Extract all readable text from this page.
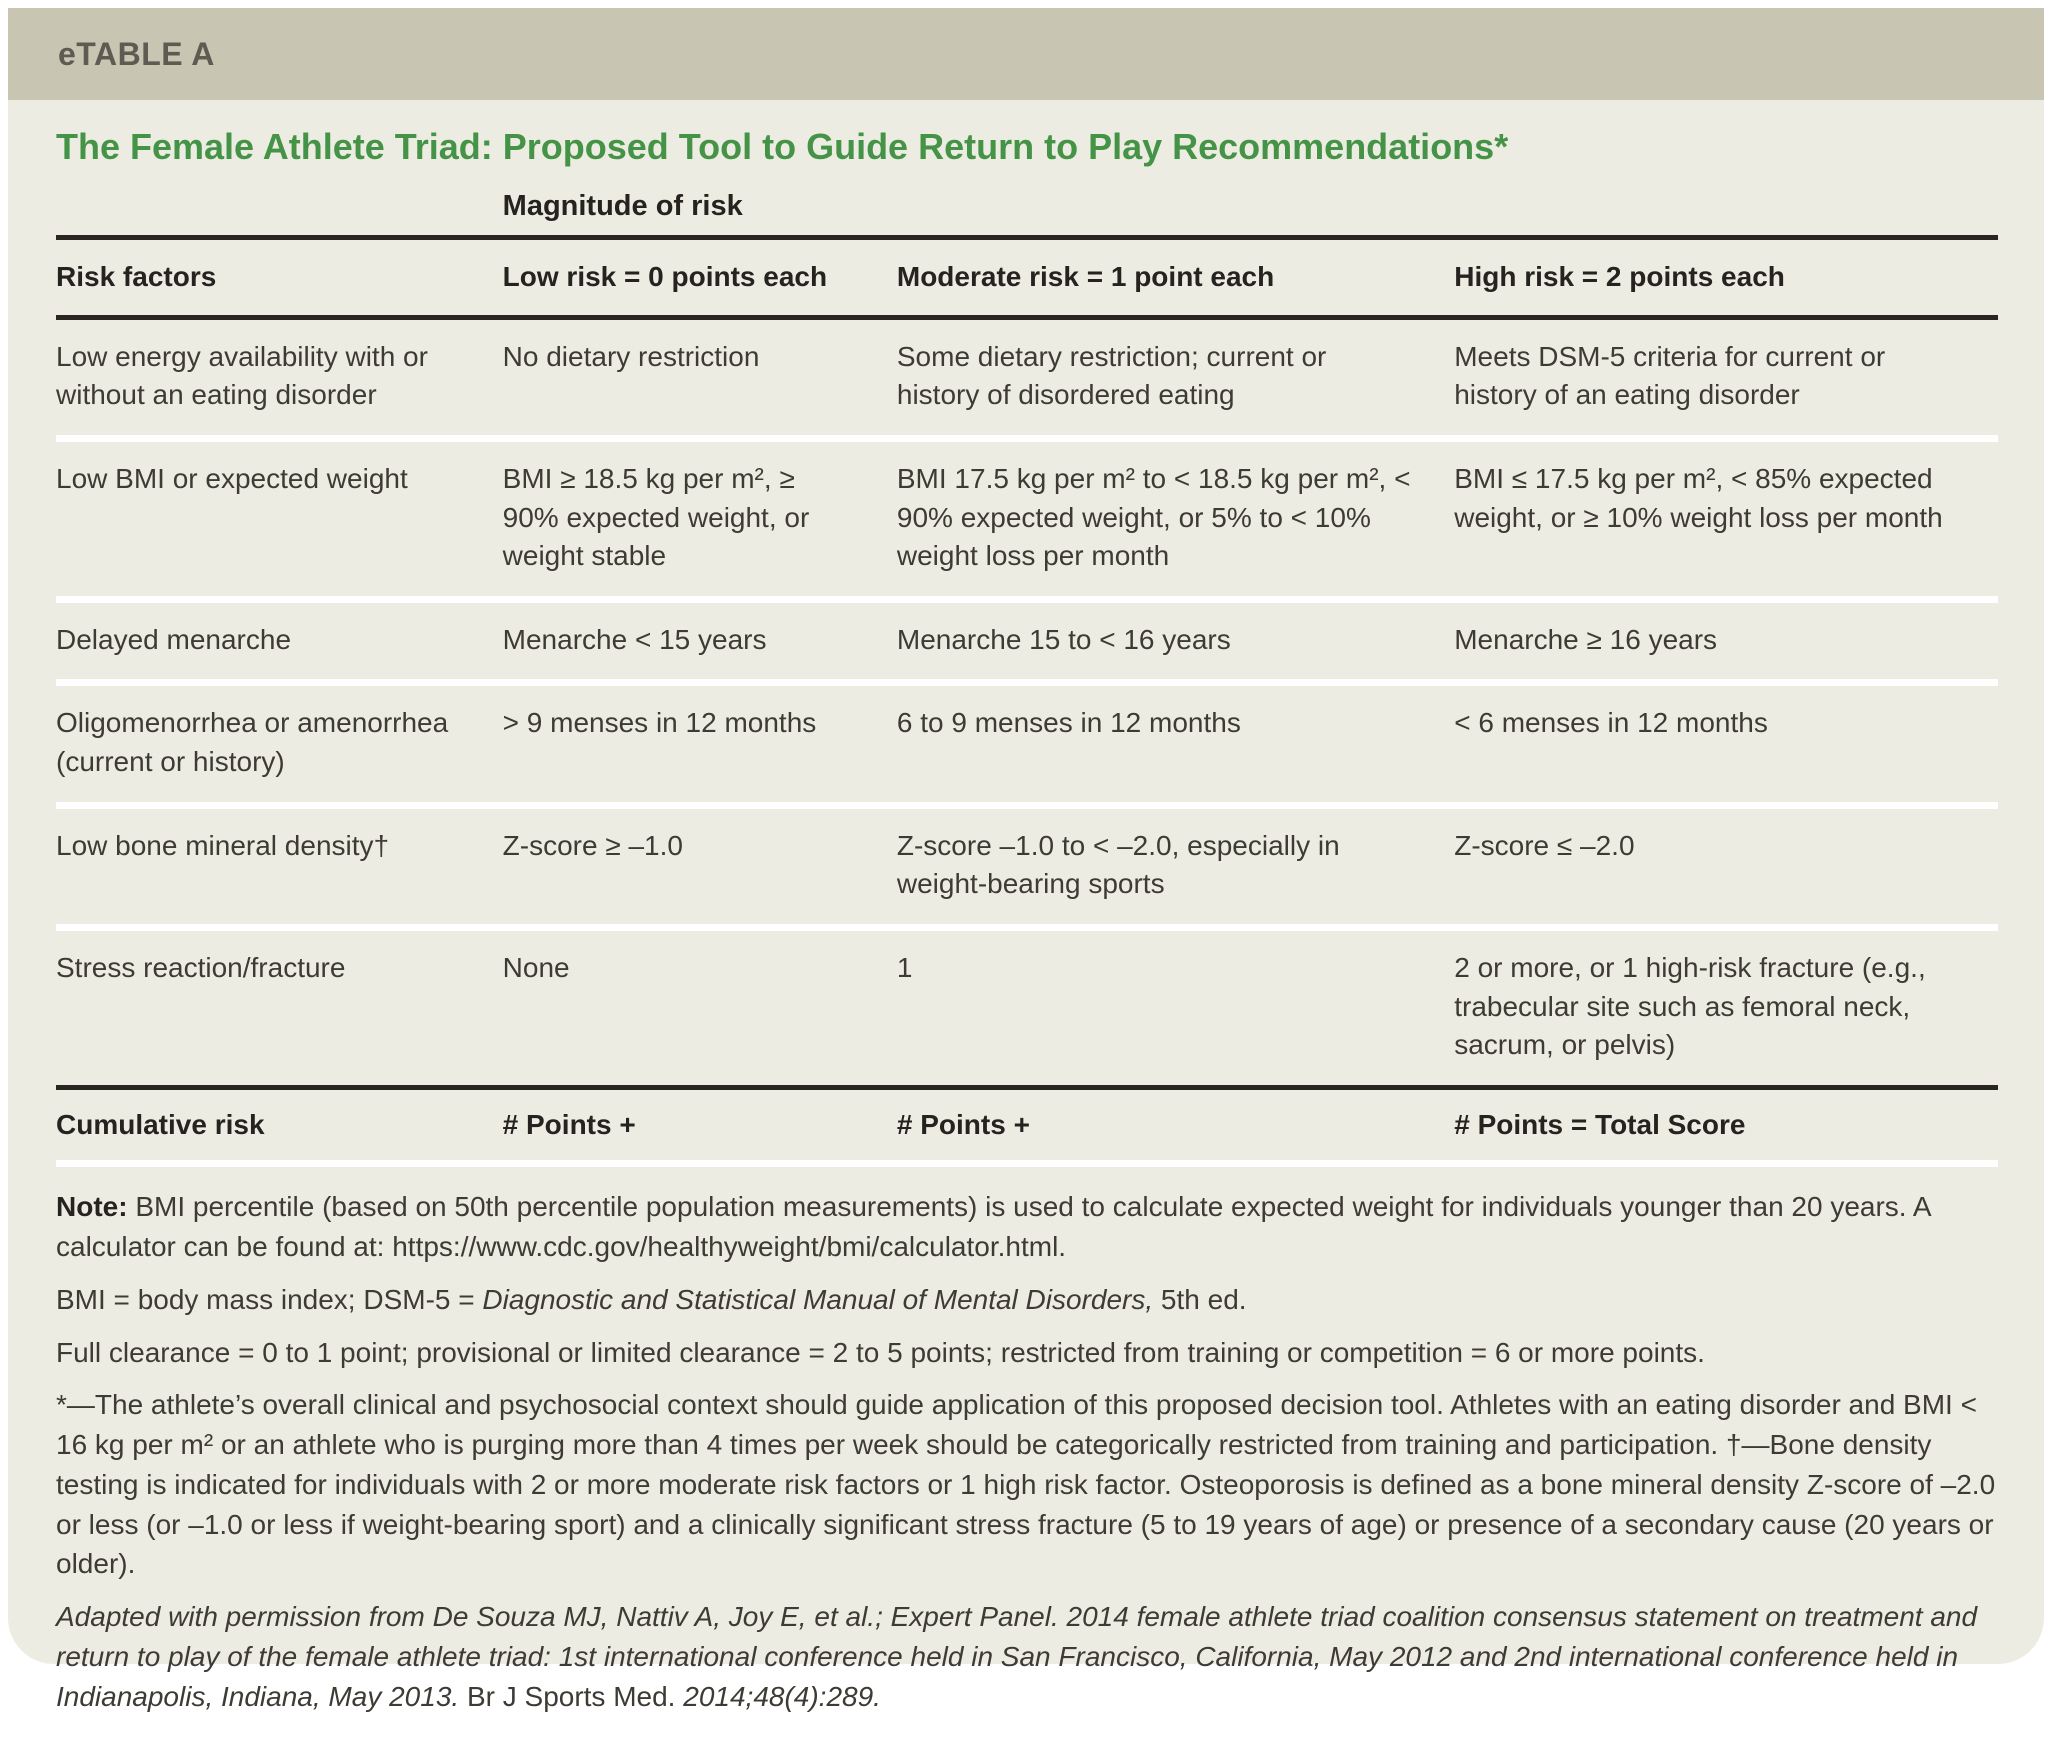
eTABLE A
The Female Athlete Triad: Proposed Tool to Guide Return to Play Recommendations*
Magnitude of risk
Risk factors	Low risk = 0 points each	Moderate risk = 1 point each	High risk = 2 points each
Low energy availability with or without an eating disorder	No dietary restriction	Some dietary restriction; current or history of disordered eating	Meets DSM-5 criteria for current or history of an eating disorder
Low BMI or expected weight	BMI ≥ 18.5 kg per m², ≥ 90% expected weight, or weight stable	BMI 17.5 kg per m² to < 18.5 kg per m², < 90% expected weight, or 5% to < 10% weight loss per month	BMI ≤ 17.5 kg per m², < 85% expected weight, or ≥ 10% weight loss per month
Delayed menarche	Menarche < 15 years	Menarche 15 to < 16 years	Menarche ≥ 16 years
Oligomenorrhea or amenorrhea (current or history)	> 9 menses in 12 months	6 to 9 menses in 12 months	< 6 menses in 12 months
Low bone mineral density†	Z-score ≥ –1.0	Z-score –1.0 to < –2.0, especially in weight-bearing sports	Z-score ≤ –2.0
Stress reaction/fracture	None	1	2 or more, or 1 high-risk fracture (e.g., trabecular site such as femoral neck, sacrum, or pelvis)
Cumulative risk	# Points +	# Points +	# Points = Total Score

Note: BMI percentile (based on 50th percentile population measurements) is used to calculate expected weight for individuals younger than 20 years. A calculator can be found at: https://www.cdc.gov/healthyweight/bmi/calculator.html.

BMI = body mass index; DSM-5 = Diagnostic and Statistical Manual of Mental Disorders, 5th ed.

Full clearance = 0 to 1 point; provisional or limited clearance = 2 to 5 points; restricted from training or competition = 6 or more points.

*—The athlete’s overall clinical and psychosocial context should guide application of this proposed decision tool. Athletes with an eating disorder and BMI < 16 kg per m² or an athlete who is purging more than 4 times per week should be categorically restricted from training and participation. †—Bone density testing is indicated for individuals with 2 or more moderate risk factors or 1 high risk factor. Osteoporosis is defined as a bone mineral density Z-score of –2.0 or less (or –1.0 or less if weight-bearing sport) and a clinically significant stress fracture (5 to 19 years of age) or presence of a secondary cause (20 years or older).

Adapted with permission from De Souza MJ, Nattiv A, Joy E, et al.; Expert Panel. 2014 female athlete triad coalition consensus statement on treatment and return to play of the female athlete triad: 1st international conference held in San Francisco, California, May 2012 and 2nd international conference held in Indianapolis, Indiana, May 2013. Br J Sports Med. 2014;48(4):289.
